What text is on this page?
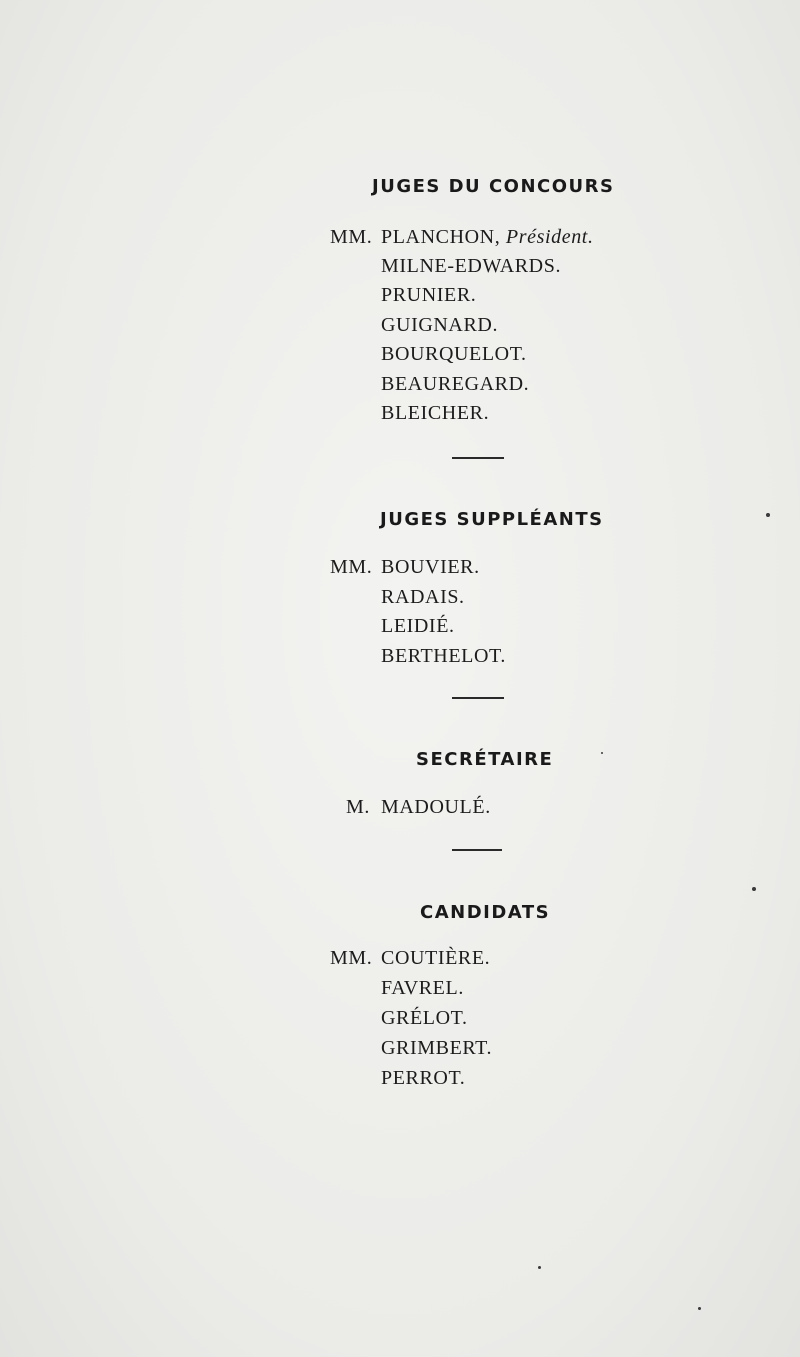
JUGES DU CONCOURS
MM. PLANCHON, Président.
MILNE-EDWARDS.
PRUNIER.
GUIGNARD.
BOURQUELOT.
BEAUREGARD.
BLEICHER.
JUGES SUPPLÉANTS
MM. BOUVIER.
RADAIS.
LEIDIÉ.
BERTHELOT.
SECRÉTAIRE
M. MADOULÉ.
CANDIDATS
MM. COUTIÈRE.
FAVREL.
GRÉLOT.
GRIMBERT.
PERROT.
